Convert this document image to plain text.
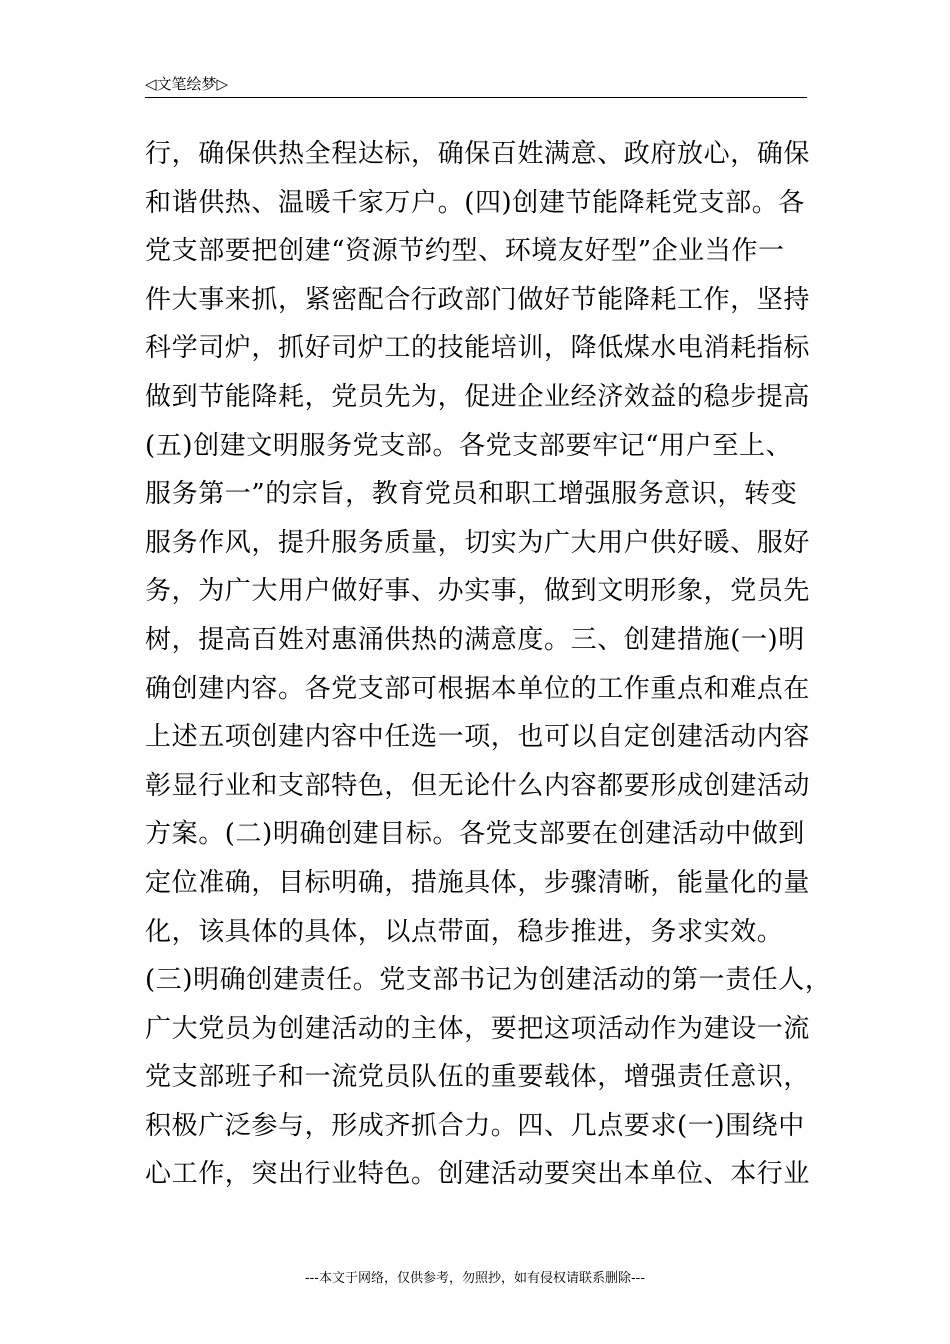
◁文笔绘梦▷
行，确保供热全程达标，确保百姓满意、政府放心，确保
和谐供热、温暖千家万户。(四)创建节能降耗党支部。各
党支部要把创建“资源节约型、环境友好型”企业当作一
件大事来抓，紧密配合行政部门做好节能降耗工作，坚持
科学司炉，抓好司炉工的技能培训，降低煤水电消耗指标
做到节能降耗，党员先为，促进企业经济效益的稳步提高
(五)创建文明服务党支部。各党支部要牢记“用户至上、
服务第一”的宗旨，教育党员和职工增强服务意识，转变
服务作风，提升服务质量，切实为广大用户供好暖、服好
务，为广大用户做好事、办实事，做到文明形象，党员先
树，提高百姓对惠涌供热的满意度。三、创建措施(一)明
确创建内容。各党支部可根据本单位的工作重点和难点在
上述五项创建内容中任选一项，也可以自定创建活动内容
彰显行业和支部特色，但无论什么内容都要形成创建活动
方案。(二)明确创建目标。各党支部要在创建活动中做到
定位准确，目标明确，措施具体，步骤清晰，能量化的量
化，该具体的具体，以点带面，稳步推进，务求实效。
(三)明确创建责任。党支部书记为创建活动的第一责任人，
广大党员为创建活动的主体，要把这项活动作为建设一流
党支部班子和一流党员队伍的重要载体，增强责任意识，
积极广泛参与，形成齐抓合力。四、几点要求(一)围绕中
心工作，突出行业特色。创建活动要突出本单位、本行业
---本文于网络，仅供参考，勿照抄，如有侵权请联系删除---
